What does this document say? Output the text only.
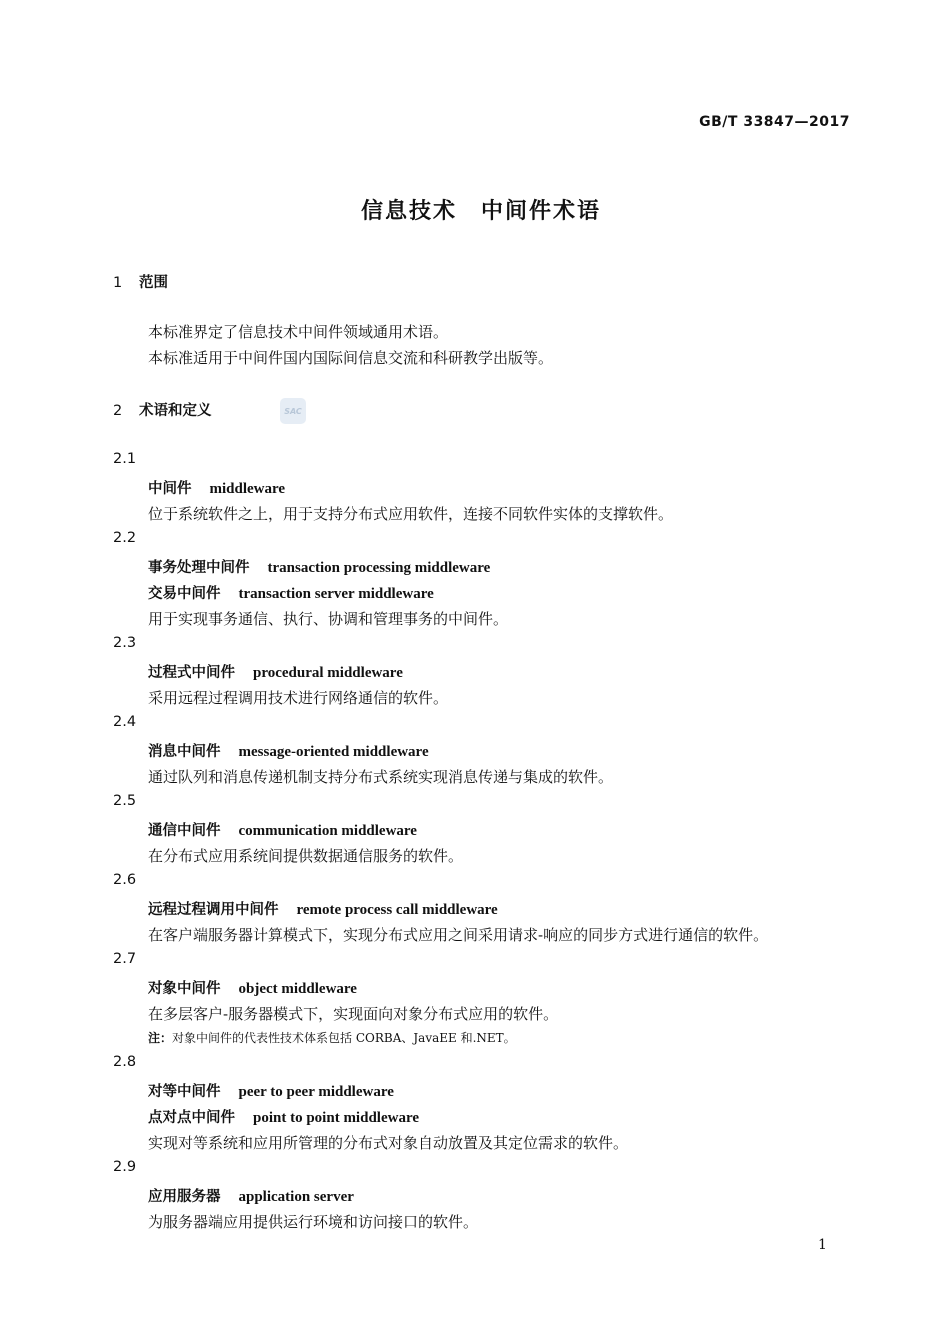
GB/T 33847—2017
信息技术　中间件术语
1 范围
本标准界定了信息技术中间件领域通用术语。
本标准适用于中间件国内国际间信息交流和科研教学出版等。
2 术语和定义	SAC
2.1
中间件 middleware
位于系统软件之上，用于支持分布式应用软件，连接不同软件实体的支撑软件。
2.2
事务处理中间件 transaction processing middleware
交易中间件 transaction server middleware
用于实现事务通信、执行、协调和管理事务的中间件。
2.3
过程式中间件 procedural middleware
采用远程过程调用技术进行网络通信的软件。
2.4
消息中间件 message-oriented middleware
通过队列和消息传递机制支持分布式系统实现消息传递与集成的软件。
2.5
通信中间件 communication middleware
在分布式应用系统间提供数据通信服务的软件。
2.6
远程过程调用中间件 remote process call middleware
在客户端服务器计算模式下，实现分布式应用之间采用请求-响应的同步方式进行通信的软件。
2.7
对象中间件 object middleware
在多层客户-服务器模式下，实现面向对象分布式应用的软件。
注：对象中间件的代表性技术体系包括 CORBA、JavaEE 和.NET。
2.8
对等中间件 peer to peer middleware
点对点中间件 point to point middleware
实现对等系统和应用所管理的分布式对象自动放置及其定位需求的软件。
2.9
应用服务器 application server
为服务器端应用提供运行环境和访问接口的软件。
1
